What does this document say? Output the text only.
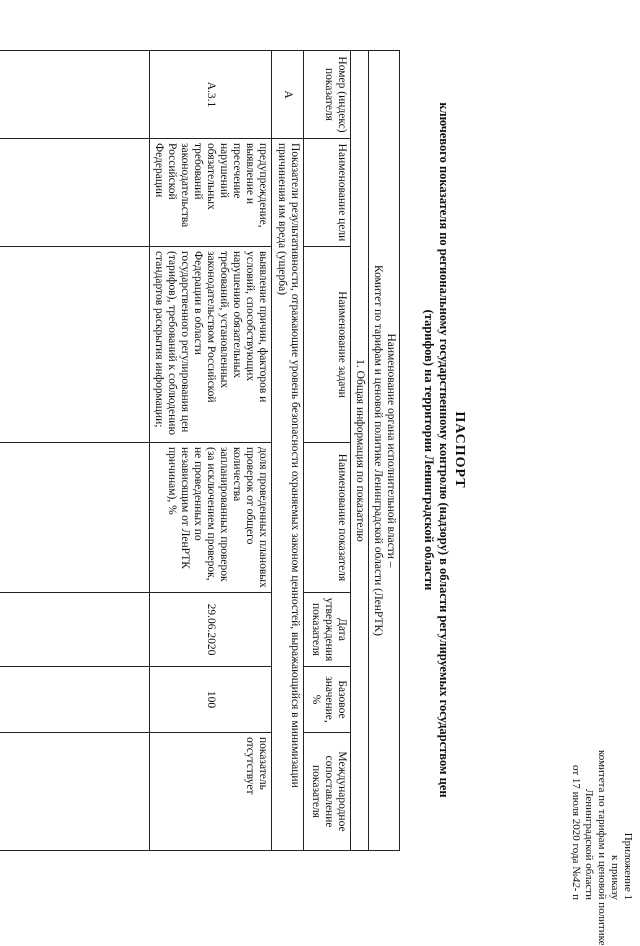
Приложение 1
к приказу
комитета по тарифам и ценовой политике
Ленинградской области
от 17 июля 2020 года №42- п
ПАСПОРТ
ключевого показателя по региональному государственному контролю (надзору) в области регулируемых государством цен
(тарифов) на территории Ленинградской области
Наименование органа исполнительной власти –
Комитет по тарифам и ценовой политике Ленинградской области (ЛенРТК)						

1. Общая информация по показателю						
Номер (индекс) показателя	Наименование цели	Наименование задачи	Наименование показателя	Дата утверждения показателя	Базовое значение, %	Международное сопоставление показателя
А	Показатели результативности, отражающие уровень безопасности охраняемых законом ценностей, выражающийся в минимизации причинения им вреда (ущерба)					
А.3.1	предупреждение, выявление и пресечение нарушений обязательных требований законодательства Российской Федерации	выявление причин, факторов и условий, способствующих нарушению обязательных требований, установленных законодательством Российской Федерации в области государственного регулирования цен (тарифов), требований к соблюдению стандартов раскрытия информации;	доля проведенных плановых проверок от общего количества запланированных проверок (за исключением проверок, не проведенных по независящим от ЛенРТК причинам), %	29.06.2020	100	показатель отсутствует
